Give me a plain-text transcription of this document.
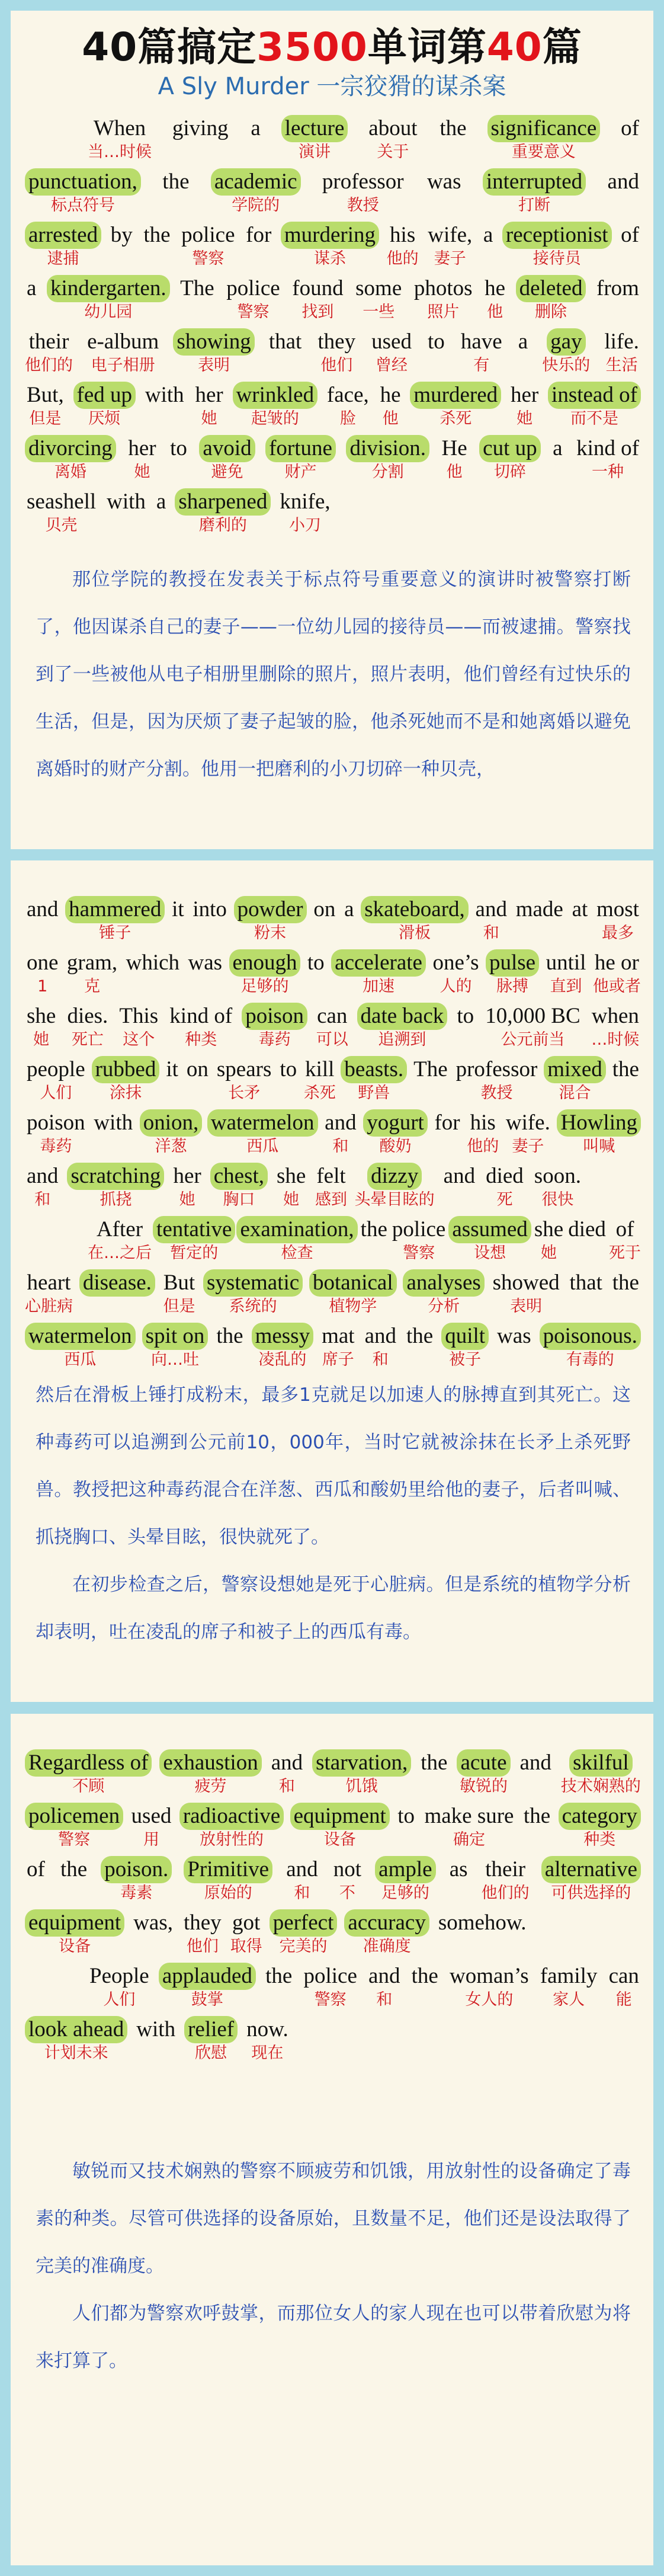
40篇搞定3500单词第40篇
A Sly Murder 一宗狡猾的谋杀案
When
当…时候
giving a lecture
演讲
about
关于
the significance
重要意义
of
punctuation,
标点符号
the academic
学院的
professor
教授
was interrupted
打断
and
arrested
逮捕
by the police
警察
for murdering
谋杀
his
他的
wife,
妻子
a receptionist
接待员
of
a kindergarten.
幼儿园
The police
警察
found
找到
some
一些
photos
照片
he
他
deleted
删除
from
their
他们的
e-album
电子相册
showing
表明
that they
他们
used
曾经
to have
有
a gay
快乐的
life.
生活
But,
但是
fed up
厌烦
with her
她
wrinkled
起皱的
face,
脸
he
他
murdered
杀死
her
她
instead of
而不是
divorcing
离婚
her
她
to avoid
避免
fortune
财产
division.
分割
He
他
cut up
切碎
a kind of
一种
seashell
贝壳
with a sharpened
磨利的
knife,
小刀

那位学院的教授在发表关于标点符号重要意义的演讲时被警察打断了，他因谋杀自己的妻子——一位幼儿园的接待员——而被逮捕。警察找到了一些被他从电子相册里删除的照片，照片表明，他们曾经有过快乐的生活，但是，因为厌烦了妻子起皱的脸，他杀死她而不是和她离婚以避免离婚时的财产分割。他用一把磨利的小刀切碎一种贝壳，

and hammered
锤子
it into powder
粉末
on a skateboard,
滑板
and
和
made at most
最多
one
1
gram,
克
which was enough
足够的
to accelerate
加速
one’s
人的
pulse
脉搏
until
直到
he or
他或者
she
她
dies.
死亡
This
这个
kind of
种类
poison
毒药
can
可以
date back
追溯到
to 10,000 BC
公元前当
when
…时候
people
人们
rubbed
涂抹
it on spears
长矛
to kill
杀死
beasts.
野兽
The professor
教授
mixed
混合
the
poison
毒药
with onion,
洋葱
watermelon
西瓜
and
和
yogurt
酸奶
for his
他的
wife.
妻子
Howling
叫喊
and
和
scratching
抓挠
her
她
chest,
胸口
she
她
felt
感到
dizzy
头晕目眩的
and died
死
soon.
很快
After
在…之后
tentative
暂定的
examination,
检查
the police
警察
assumed
设想
she
她
died of
死于
heart
心脏病
disease. But
但是
systematic
系统的
botanical
植物学
analyses
分析
showed
表明
that the
watermelon
西瓜
spit on
向…吐
the messy
凌乱的
mat
席子
and
和
the quilt
被子
was poisonous.
有毒的

然后在滑板上锤打成粉末，最多1克就足以加速人的脉搏直到其死亡。这种毒药可以追溯到公元前10，000年，当时它就被涂抹在长矛上杀死野兽。教授把这种毒药混合在洋葱、西瓜和酸奶里给他的妻子，后者叫喊、抓挠胸口、头晕目眩，很快就死了。

在初步检查之后，警察设想她是死于心脏病。但是系统的植物学分析却表明，吐在凌乱的席子和被子上的西瓜有毒。

Regardless of
不顾
exhaustion
疲劳
and
和
starvation,
饥饿
the acute
敏锐的
and skilful
技术娴熟的
policemen
警察
used
用
radioactive
放射性的
equipment
设备
to make sure
确定
the category
种类
of the poison.
毒素
Primitive
原始的
and
和
not
不
ample
足够的
as their
他们的
alternative
可供选择的
equipment
设备
was, they
他们
got
取得
perfect
完美的
accuracy
准确度
somehow.
People
人们
applauded
鼓掌
the police
警察
and
和
the woman’s
女人的
family
家人
can
能
look ahead
计划未来
with relief
欣慰
now.
现在

敏锐而又技术娴熟的警察不顾疲劳和饥饿，用放射性的设备确定了毒素的种类。尽管可供选择的设备原始，且数量不足，他们还是设法取得了完美的准确度。

人们都为警察欢呼鼓掌，而那位女人的家人现在也可以带着欣慰为将来打算了。
